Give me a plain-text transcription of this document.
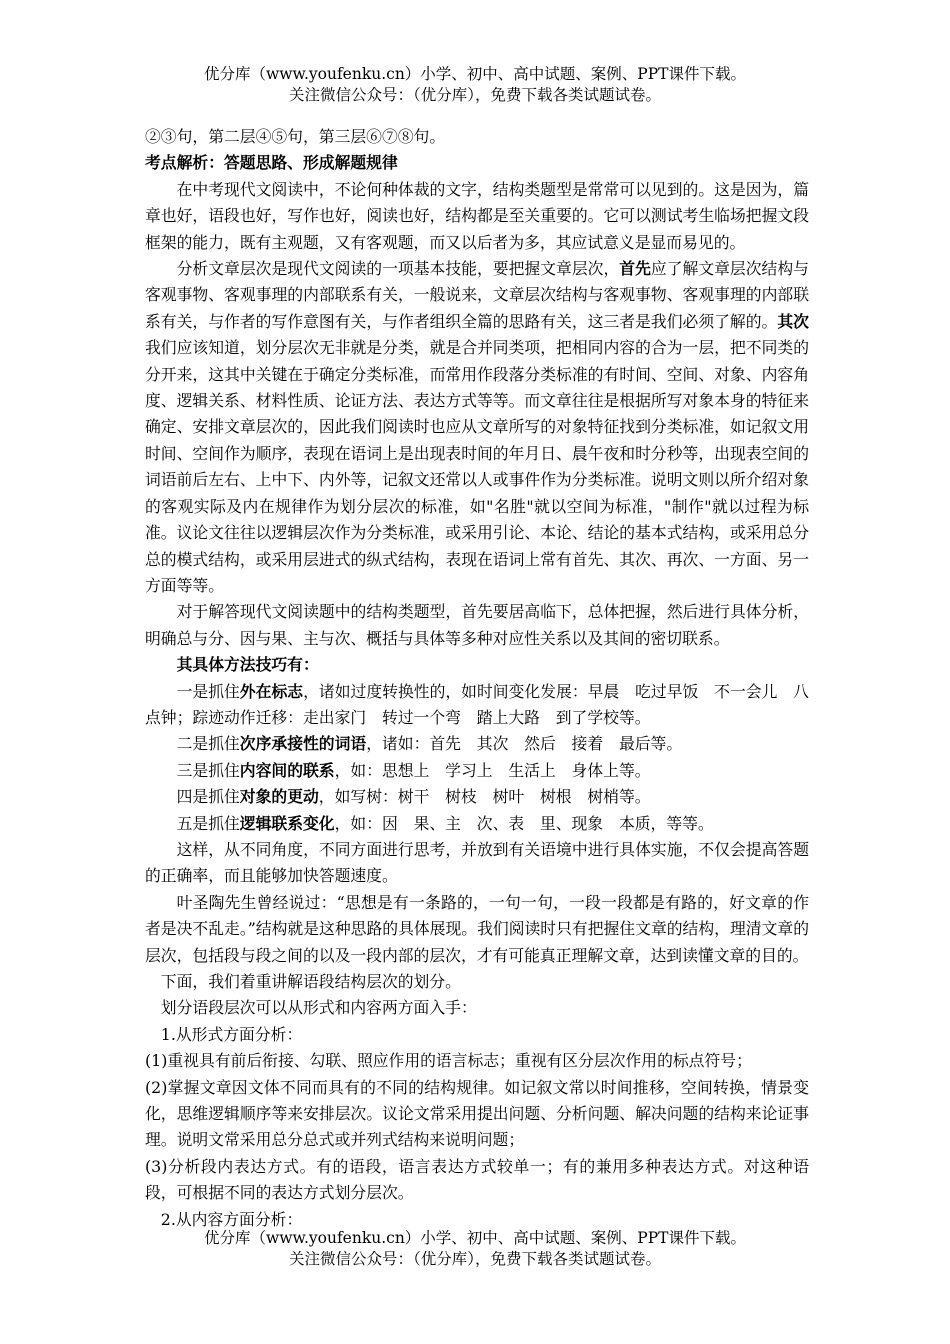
优分库（www.youfenku.cn）小学、初中、高中试题、案例、PPT课件下载。
关注微信公众号：（优分库），免费下载各类试题试卷。

②③句，第二层④⑤句，第三层⑥⑦⑧句。

考点解析：答题思路、形成解题规律

在中考现代文阅读中，不论何种体裁的文字，结构类题型是常常可以见到的。这是因为，篇章也好，语段也好，写作也好，阅读也好，结构都是至关重要的。它可以测试考生临场把握文段框架的能力，既有主观题，又有客观题，而又以后者为多，其应试意义是显而易见的。

分析文章层次是现代文阅读的一项基本技能，要把握文章层次，首先应了解文章层次结构与客观事物、客观事理的内部联系有关，一般说来，文章层次结构与客观事物、客观事理的内部联系有关，与作者的写作意图有关，与作者组织全篇的思路有关，这三者是我们必须了解的。其次我们应该知道，划分层次无非就是分类，就是合并同类项，把相同内容的合为一层，把不同类的分开来，这其中关键在于确定分类标准，而常用作段落分类标准的有时间、空间、对象、内容角度、逻辑关系、材料性质、论证方法、表达方式等等。而文章往往是根据所写对象本身的特征来确定、安排文章层次的，因此我们阅读时也应从文章所写的对象特征找到分类标准，如记叙文用时间、空间作为顺序，表现在语词上是出现表时间的年月日、晨午夜和时分秒等，出现表空间的词语前后左右、上中下、内外等，记叙文还常以人或事件作为分类标准。说明文则以所介绍对象的客观实际及内在规律作为划分层次的标准，如"名胜"就以空间为标准，"制作"就以过程为标准。议论文往往以逻辑层次作为分类标准，或采用引论、本论、结论的基本式结构，或采用总分总的模式结构，或采用层进式的纵式结构，表现在语词上常有首先、其次、再次、一方面、另一方面等等。

对于解答现代文阅读题中的结构类题型，首先要居高临下，总体把握，然后进行具体分析，明确总与分、因与果、主与次、概括与具体等多种对应性关系以及其间的密切联系。

其具体方法技巧有：

一是抓住外在标志，诸如过度转换性的，如时间变化发展：早晨　吃过早饭　不一会儿　八点钟；踪迹动作迁移：走出家门　转过一个弯　踏上大路　到了学校等。

二是抓住次序承接性的词语，诸如：首先　其次　然后　接着　最后等。

三是抓住内容间的联系，如：思想上　学习上　生活上　身体上等。

四是抓住对象的更动，如写树：树干　树枝　树叶　树根　树梢等。

五是抓住逻辑联系变化，如：因　果、主　次、表　里、现象　本质，等等。

这样，从不同角度，不同方面进行思考，并放到有关语境中进行具体实施，不仅会提高答题的正确率，而且能够加快答题速度。

叶圣陶先生曾经说过：“思想是有一条路的，一句一句，一段一段都是有路的，好文章的作者是决不乱走。”结构就是这种思路的具体展现。我们阅读时只有把握住文章的结构，理清文章的层次，包括段与段之间的以及一段内部的层次，才有可能真正理解文章，达到读懂文章的目的。

下面，我们着重讲解语段结构层次的划分。

划分语段层次可以从形式和内容两方面入手：

1.从形式方面分析：

(1)重视具有前后衔接、勾联、照应作用的语言标志；重视有区分层次作用的标点符号；

(2)掌握文章因文体不同而具有的不同的结构规律。如记叙文常以时间推移，空间转换，情景变化，思维逻辑顺序等来安排层次。议论文常采用提出问题、分析问题、解决问题的结构来论证事理。说明文常采用总分总式或并列式结构来说明问题；

(3)分析段内表达方式。有的语段，语言表达方式较单一；有的兼用多种表达方式。对这种语段，可根据不同的表达方式划分层次。

2.从内容方面分析：

优分库（www.youfenku.cn）小学、初中、高中试题、案例、PPT课件下载。
关注微信公众号：（优分库），免费下载各类试题试卷。
